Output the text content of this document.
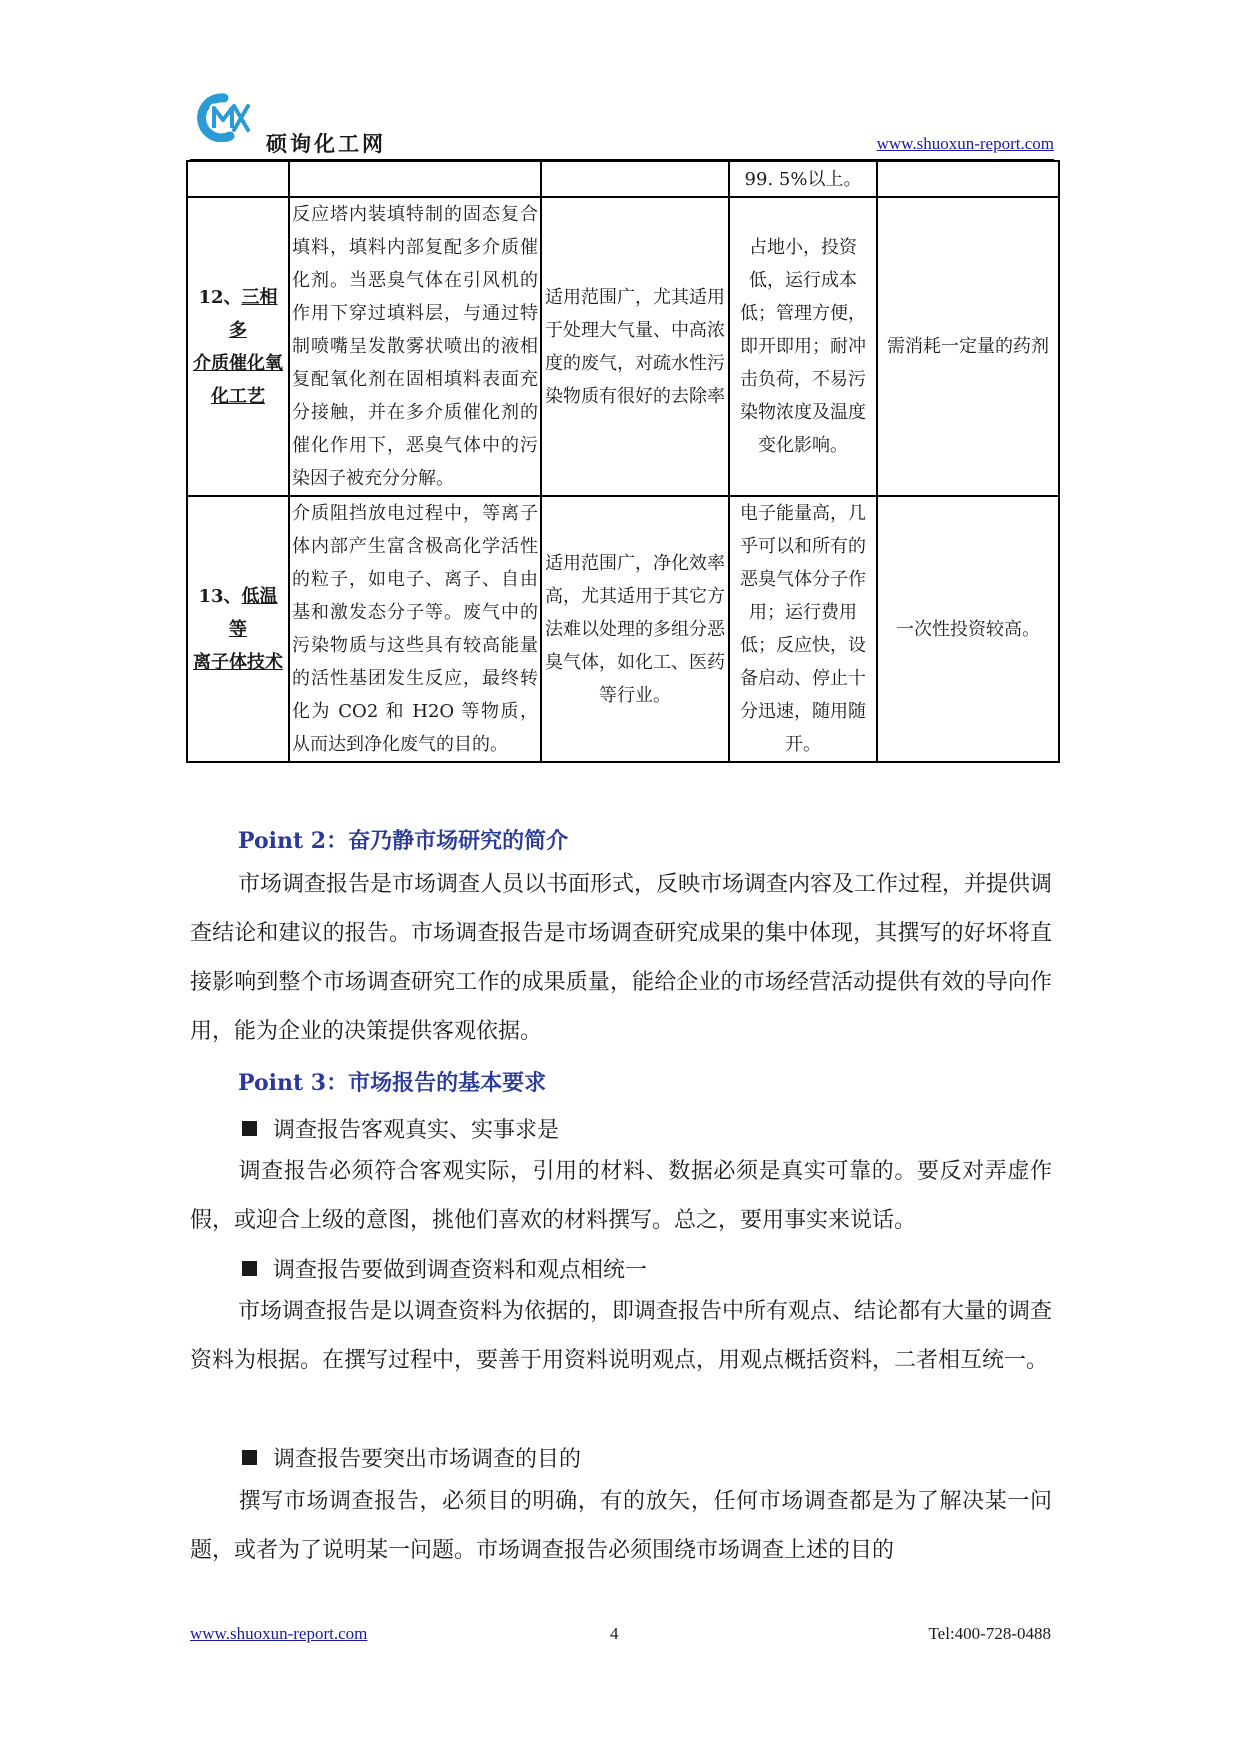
硕询化工网	www.shuoxun-report.com
			99. 5%以上。	
12、三相多
介质催化氧
化工艺	反应塔内装填特制的固态复合填料，填料内部复配多介质催化剂。当恶臭气体在引风机的作用下穿过填料层，与通过特制喷嘴呈发散雾状喷出的液相复配氧化剂在固相填料表面充分接触，并在多介质催化剂的催化作用下，恶臭气体中的污染因子被充分分解。	适用范围广，尤其适用于处理大气量、中高浓度的废气，对疏水性污染物质有很好的去除率	占地小，投资低，运行成本低；管理方便，即开即用；耐冲击负荷，不易污染物浓度及温度变化影响。	需消耗一定量的药剂
13、低温等
离子体技术	介质阻挡放电过程中，等离子体内部产生富含极高化学活性的粒子，如电子、离子、自由基和激发态分子等。废气中的污染物质与这些具有较高能量的活性基团发生反应，最终转化为 CO2 和 H2O 等物质，从而达到净化废气的目的。	适用范围广，净化效率高，尤其适用于其它方法难以处理的多组分恶臭气体，如化工、医药等行业。	电子能量高，几乎可以和所有的恶臭气体分子作用；运行费用低；反应快，设备启动、停止十分迅速，随用随开。	一次性投资较高。
Point 2：奋乃静市场研究的简介
市场调查报告是市场调查人员以书面形式，反映市场调查内容及工作过程，并提供调查结论和建议的报告。市场调查报告是市场调查研究成果的集中体现，其撰写的好坏将直接影响到整个市场调查研究工作的成果质量，能给企业的市场经营活动提供有效的导向作用，能为企业的决策提供客观依据。
Point 3：市场报告的基本要求
调查报告客观真实、实事求是
调查报告必须符合客观实际，引用的材料、数据必须是真实可靠的。要反对弄虚作假，或迎合上级的意图，挑他们喜欢的材料撰写。总之，要用事实来说话。
调查报告要做到调查资料和观点相统一
市场调查报告是以调查资料为依据的，即调查报告中所有观点、结论都有大量的调查资料为根据。在撰写过程中，要善于用资料说明观点，用观点概括资料，二者相互统一。
调查报告要突出市场调查的目的
撰写市场调查报告，必须目的明确，有的放矢，任何市场调查都是为了解决某一问题，或者为了说明某一问题。市场调查报告必须围绕市场调查上述的目的
www.shuoxun-report.com	4	Tel:400-728-0488
